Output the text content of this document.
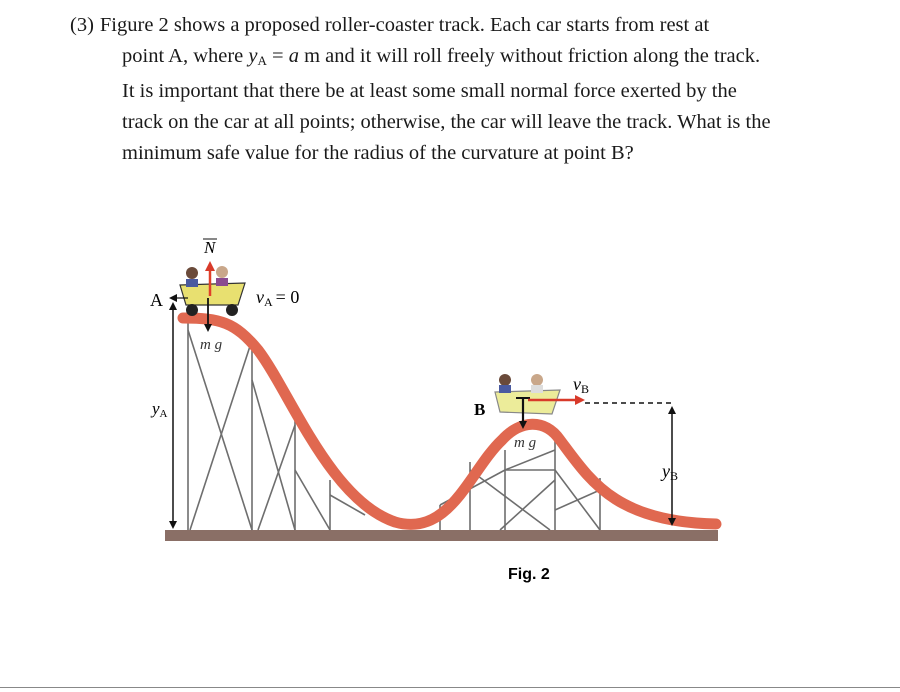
(3) Figure 2 shows a proposed roller-coaster track. Each car starts from rest at
point A, where $y_A = a$ m and it will roll freely without friction along the track.
It is important that there be at least some small normal force exerted by the
track on the car at all points; otherwise, the car will leave the track. What is the
minimum safe value for the radius of the curvature at point B?
N
A	vA = 0
m g
yA	B
vB
m g
yB
Fig. 2
